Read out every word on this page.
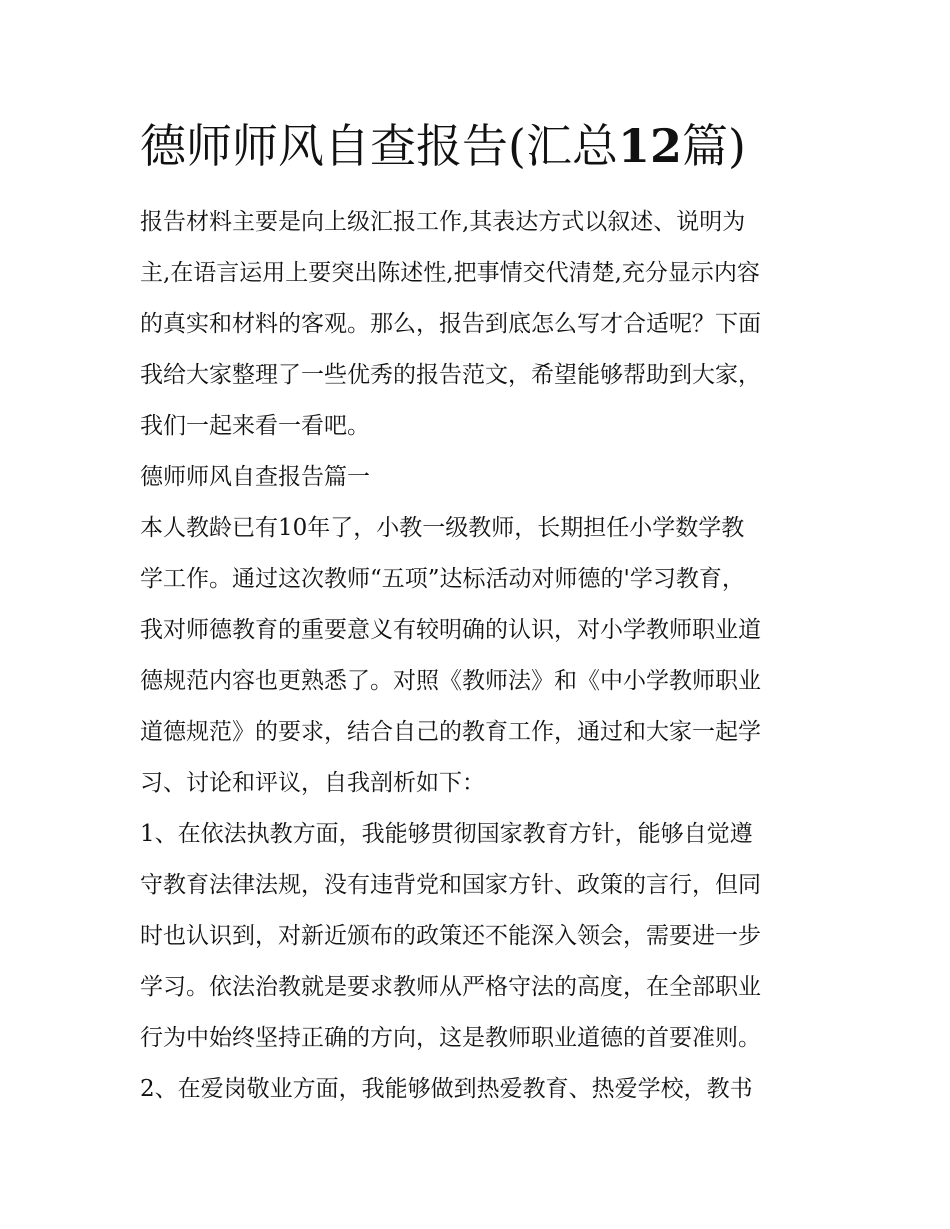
德师师风自查报告(汇总12篇)

报告材料主要是向上级汇报工作,其表达方式以叙述、说明为

主,在语言运用上要突出陈述性,把事情交代清楚,充分显示内容

的真实和材料的客观。那么，报告到底怎么写才合适呢？下面

我给大家整理了一些优秀的报告范文，希望能够帮助到大家，

我们一起来看一看吧。

德师师风自查报告篇一

本人教龄已有10年了，小教一级教师，长期担任小学数学教

学工作。通过这次教师“五项”达标活动对师德的'学习教育，

我对师德教育的重要意义有较明确的认识，对小学教师职业道

德规范内容也更熟悉了。对照《教师法》和《中小学教师职业

道德规范》的要求，结合自己的教育工作，通过和大家一起学

习、讨论和评议，自我剖析如下：

1、在依法执教方面，我能够贯彻国家教育方针，能够自觉遵

守教育法律法规，没有违背党和国家方针、政策的言行，但同

时也认识到，对新近颁布的政策还不能深入领会，需要进一步

学习。依法治教就是要求教师从严格守法的高度，在全部职业

行为中始终坚持正确的方向，这是教师职业道德的首要准则。

2、在爱岗敬业方面，我能够做到热爱教育、热爱学校，教书
